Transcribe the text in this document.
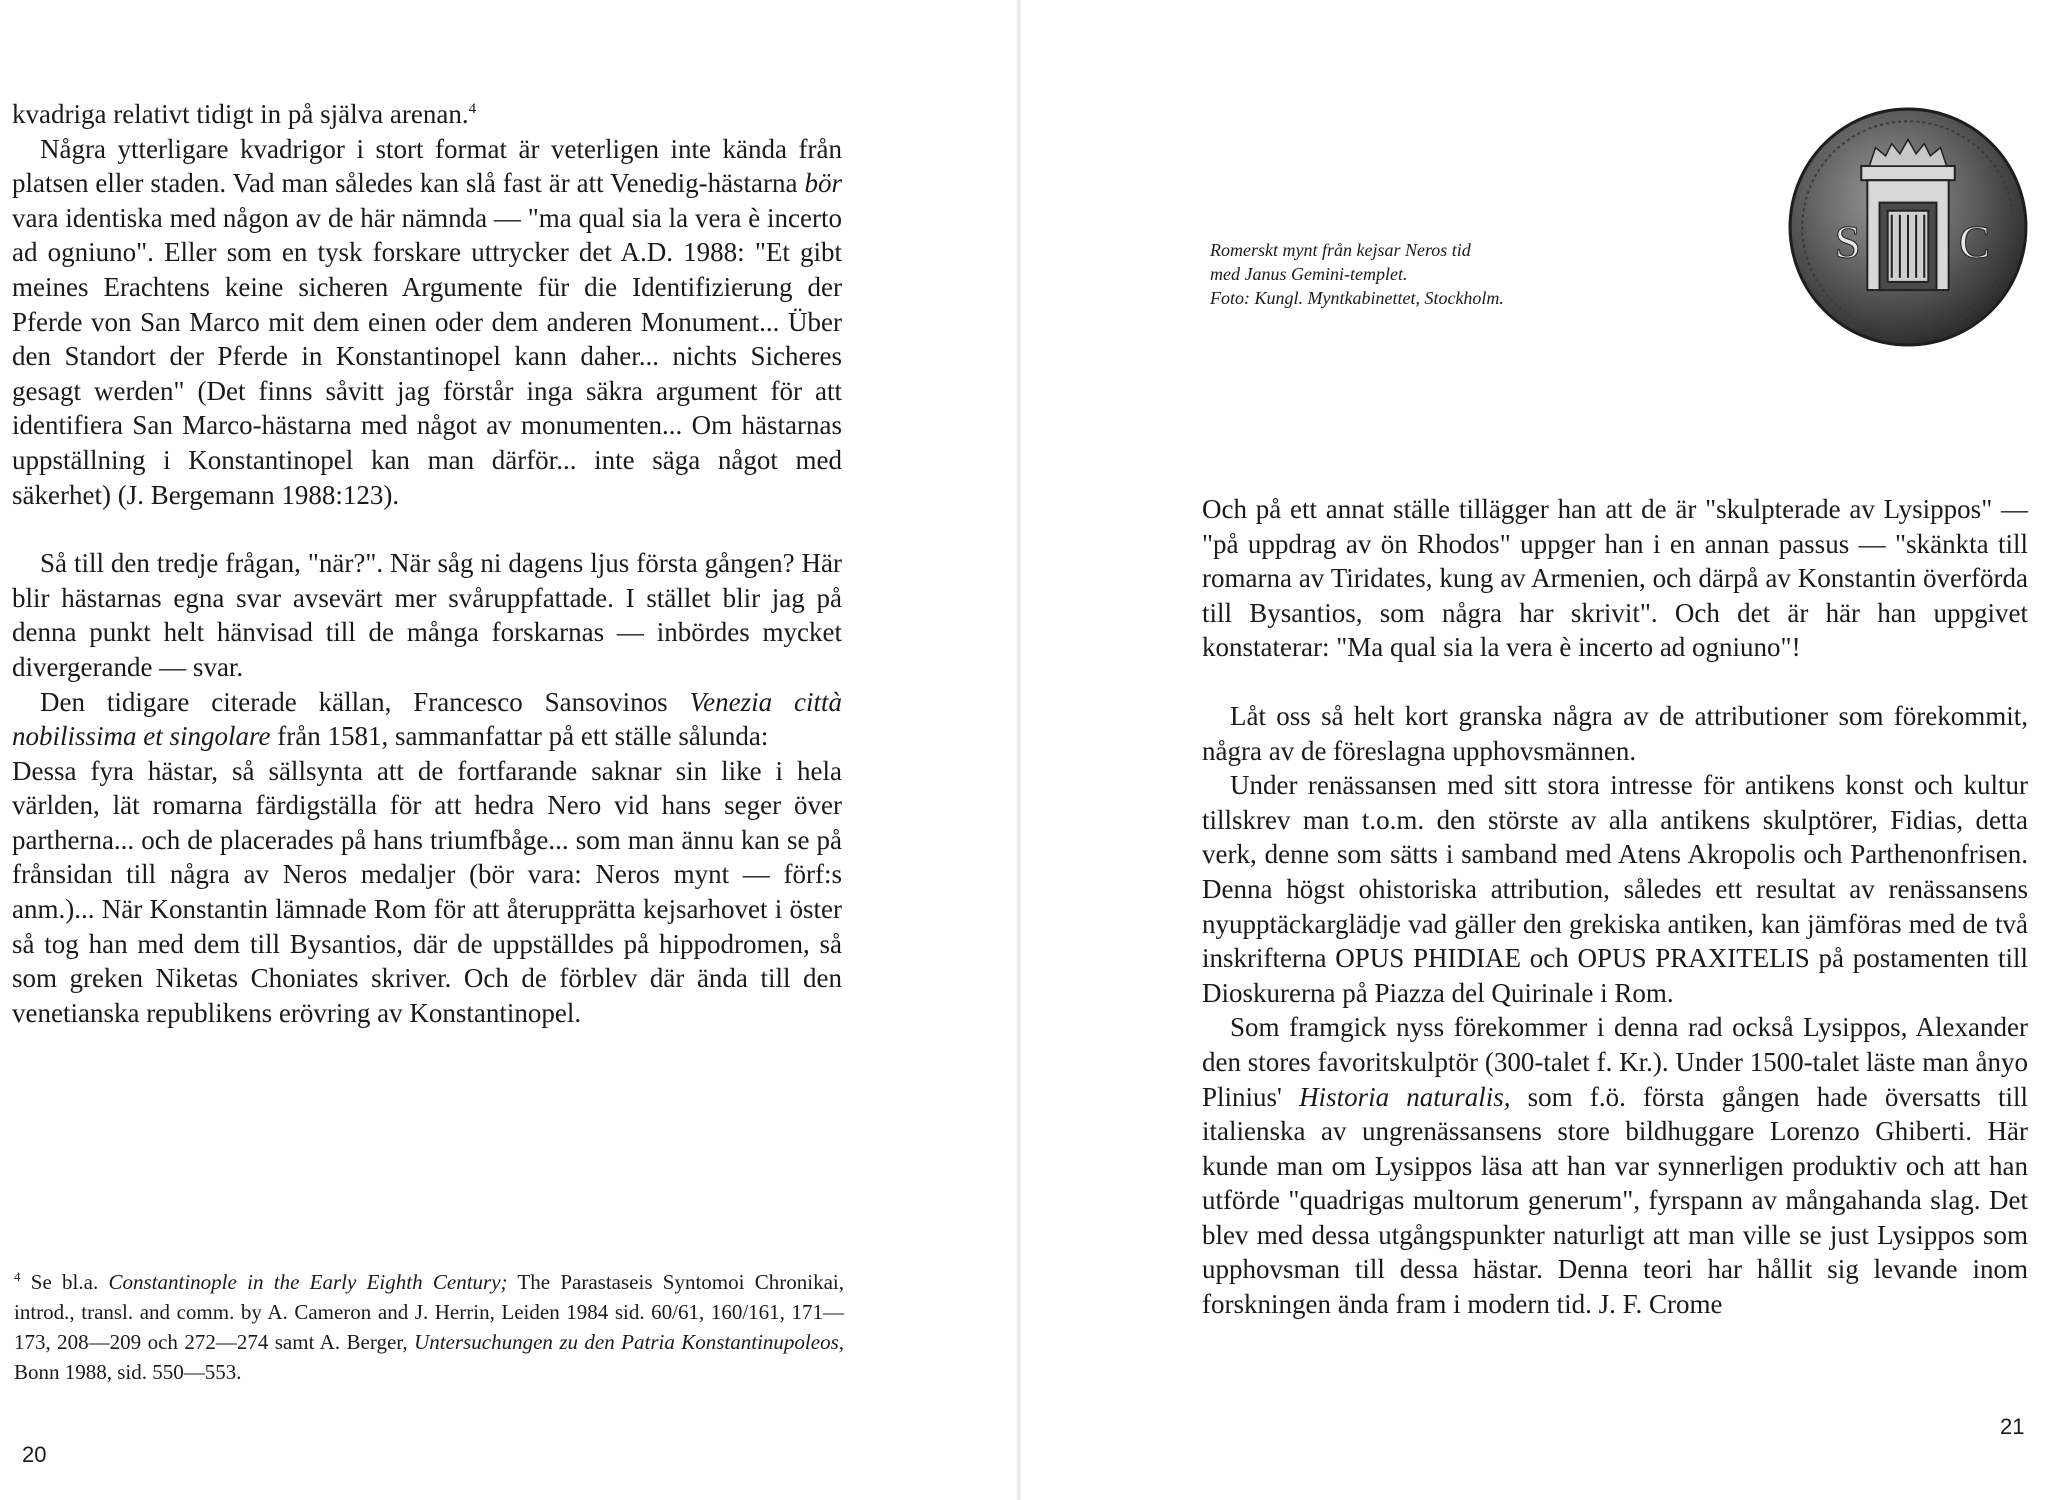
kvadriga relativt tidigt in på själva arenan.$^4$

Några ytterligare kvadrigor i stort format är veterligen inte kända från platsen eller staden. Vad man således kan slå fast är att Venedig-hästarna bör vara identiska med någon av de här nämnda — "ma qual sia la vera è incerto ad ogniuno". Eller som en tysk forskare uttrycker det A.D. 1988: "Et gibt meines Erachtens keine sicheren Argumente für die Identifizierung der Pferde von San Marco mit dem einen oder dem anderen Monument... Über den Standort der Pferde in Konstantinopel kann daher... nichts Sicheres gesagt werden" (Det finns såvitt jag förstår inga säkra argument för att identifiera San Marco-hästarna med något av monumenten... Om hästarnas uppställning i Konstantinopel kan man därför... inte säga något med säkerhet) (J. Bergemann 1988:123).

Så till den tredje frågan, "när?". När såg ni dagens ljus första gången? Här blir hästarnas egna svar avsevärt mer svåruppfattade. I stället blir jag på denna punkt helt hänvisad till de många forskarnas — inbördes mycket divergerande — svar.

Den tidigare citerade källan, Francesco Sansovinos Venezia città nobilissima et singolare från 1581, sammanfattar på ett ställe sålunda:

Dessa fyra hästar, så sällsynta att de fortfarande saknar sin like i hela världen, lät romarna färdigställa för att hedra Nero vid hans seger över partherna... och de placerades på hans triumfbåge... som man ännu kan se på frånsidan till några av Neros medaljer (bör vara: Neros mynt — förf:s anm.)... När Konstantin lämnade Rom för att återupprätta kejsarhovet i öster så tog han med dem till Bysantios, där de uppställdes på hippodromen, så som greken Niketas Choniates skriver. Och de förblev där ända till den venetianska republikens erövring av Konstantinopel.

$^4$ Se bl.a. Constantinople in the Early Eighth Century; The Parastaseis Syntomoi Chronikai, introd., transl. and comm. by A. Cameron and J. Herrin, Leiden 1984 sid. 60/61, 160/161, 171—173, 208—209 och 272—274 samt A. Berger, Untersuchungen zu den Patria Konstantinupoleos, Bonn 1988, sid. 550—553.
20
Romerskt mynt från kejsar Neros tid
med Janus Gemini-templet.
Foto: Kungl. Myntkabinettet, Stockholm.
S C

Och på ett annat ställe tillägger han att de är "skulpterade av Lysippos" — "på uppdrag av ön Rhodos" uppger han i en annan passus — "skänkta till romarna av Tiridates, kung av Armenien, och därpå av Konstantin överförda till Bysantios, som några har skrivit". Och det är här han uppgivet konstaterar: "Ma qual sia la vera è incerto ad ogniuno"!

Låt oss så helt kort granska några av de attributioner som förekommit, några av de föreslagna upphovsmännen.

Under renässansen med sitt stora intresse för antikens konst och kultur tillskrev man t.o.m. den störste av alla antikens skulptörer, Fidias, detta verk, denne som sätts i samband med Atens Akropolis och Parthenonfrisen. Denna högst ohistoriska attribution, således ett resultat av renässansens nyupptäckarglädje vad gäller den grekiska antiken, kan jämföras med de två inskrifterna OPUS PHIDIAE och OPUS PRAXITELIS på postamenten till Dioskurerna på Piazza del Quirinale i Rom.

Som framgick nyss förekommer i denna rad också Lysippos, Alexander den stores favoritskulptör (300-talet f. Kr.). Under 1500-talet läste man ånyo Plinius' Historia naturalis, som f.ö. första gången hade översatts till italienska av ungrenässansens store bildhuggare Lorenzo Ghiberti. Här kunde man om Lysippos läsa att han var synnerligen produktiv och att han utförde "quadrigas multorum generum", fyrspann av mångahanda slag. Det blev med dessa utgångspunkter naturligt att man ville se just Lysippos som upphovsman till dessa hästar. Denna teori har hållit sig levande inom forskningen ända fram i modern tid. J. F. Crome

21
